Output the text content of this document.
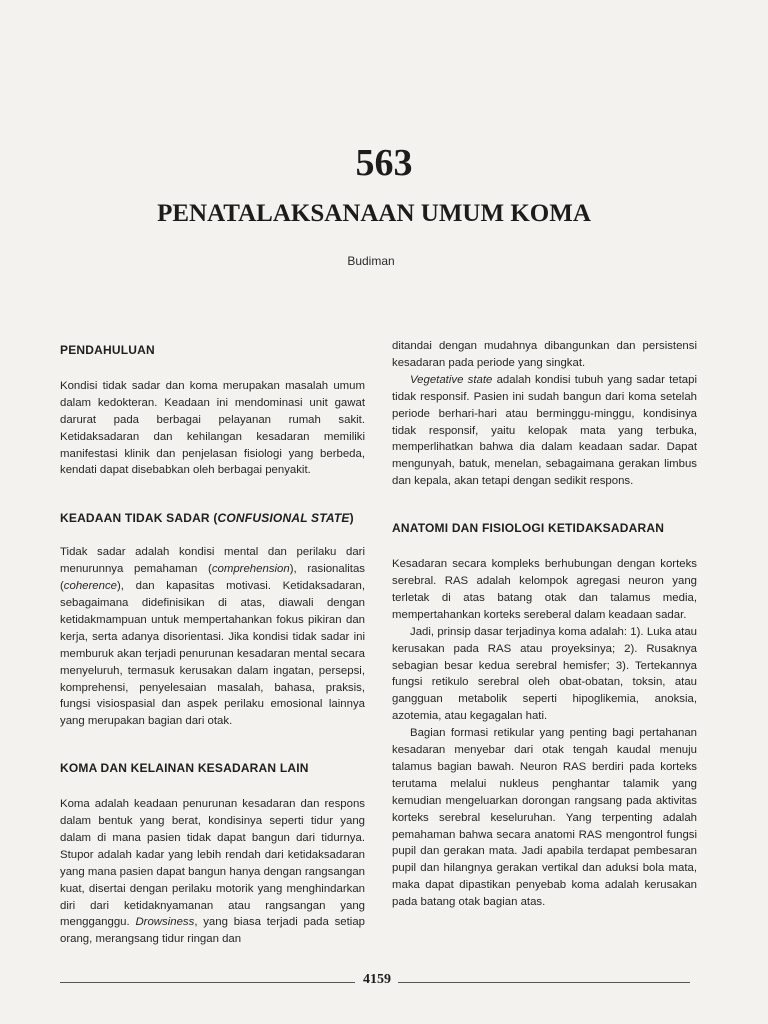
563
PENATALAKSANAAN UMUM KOMA
Budiman

PENDAHULUAN

Kondisi tidak sadar dan koma merupakan masalah umum dalam kedokteran. Keadaan ini mendominasi unit gawat darurat pada berbagai pelayanan rumah sakit. Ketidaksadaran dan kehilangan kesadaran memiliki manifestasi klinik dan penjelasan fisiologi yang berbeda, kendati dapat disebabkan oleh berbagai penyakit.

KEADAAN TIDAK SADAR (CONFUSIONAL STATE)

Tidak sadar adalah kondisi mental dan perilaku dari menurunnya pemahaman (comprehension), rasionalitas (coherence), dan kapasitas motivasi. Ketidaksadaran, sebagaimana didefinisikan di atas, diawali dengan ketidakmampuan untuk mempertahankan fokus pikiran dan kerja, serta adanya disorientasi. Jika kondisi tidak sadar ini memburuk akan terjadi penurunan kesadaran mental secara menyeluruh, termasuk kerusakan dalam ingatan, persepsi, komprehensi, penyelesaian masalah, bahasa, praksis, fungsi visiospasial dan aspek perilaku emosional lainnya yang merupakan bagian dari otak.

KOMA DAN KELAINAN KESADARAN LAIN

Koma adalah keadaan penurunan kesadaran dan respons dalam bentuk yang berat, kondisinya seperti tidur yang dalam di mana pasien tidak dapat bangun dari tidurnya. Stupor adalah kadar yang lebih rendah dari ketidaksadaran yang mana pasien dapat bangun hanya dengan rangsangan kuat, disertai dengan perilaku motorik yang menghindarkan diri dari ketidaknyamanan atau rangsangan yang mengganggu. Drowsiness, yang biasa terjadi pada setiap orang, merangsang tidur ringan dan

ditandai dengan mudahnya dibangunkan dan persistensi kesadaran pada periode yang singkat.

Vegetative state adalah kondisi tubuh yang sadar tetapi tidak responsif. Pasien ini sudah bangun dari koma setelah periode berhari-hari atau berminggu-minggu, kondisinya tidak responsif, yaitu kelopak mata yang terbuka, memperlihatkan bahwa dia dalam keadaan sadar. Dapat mengunyah, batuk, menelan, sebagaimana gerakan limbus dan kepala, akan tetapi dengan sedikit respons.

ANATOMI DAN FISIOLOGI KETIDAKSADARAN

Kesadaran secara kompleks berhubungan dengan korteks serebral. RAS adalah kelompok agregasi neuron yang terletak di atas batang otak dan talamus media, mempertahankan korteks sereberal dalam keadaan sadar.

Jadi, prinsip dasar terjadinya koma adalah: 1). Luka atau kerusakan pada RAS atau proyeksinya; 2). Rusaknya sebagian besar kedua serebral hemisfer; 3). Tertekannya fungsi retikulo serebral oleh obat-obatan, toksin, atau gangguan metabolik seperti hipoglikemia, anoksia, azotemia, atau kegagalan hati.

Bagian formasi retikular yang penting bagi pertahanan kesadaran menyebar dari otak tengah kaudal menuju talamus bagian bawah. Neuron RAS berdiri pada korteks terutama melalui nukleus penghantar talamik yang kemudian mengeluarkan dorongan rangsang pada aktivitas korteks serebral keseluruhan. Yang terpenting adalah pemahaman bahwa secara anatomi RAS mengontrol fungsi pupil dan gerakan mata. Jadi apabila terdapat pembesaran pupil dan hilangnya gerakan vertikal dan aduksi bola mata, maka dapat dipastikan penyebab koma adalah kerusakan pada batang otak bagian atas.

4159
